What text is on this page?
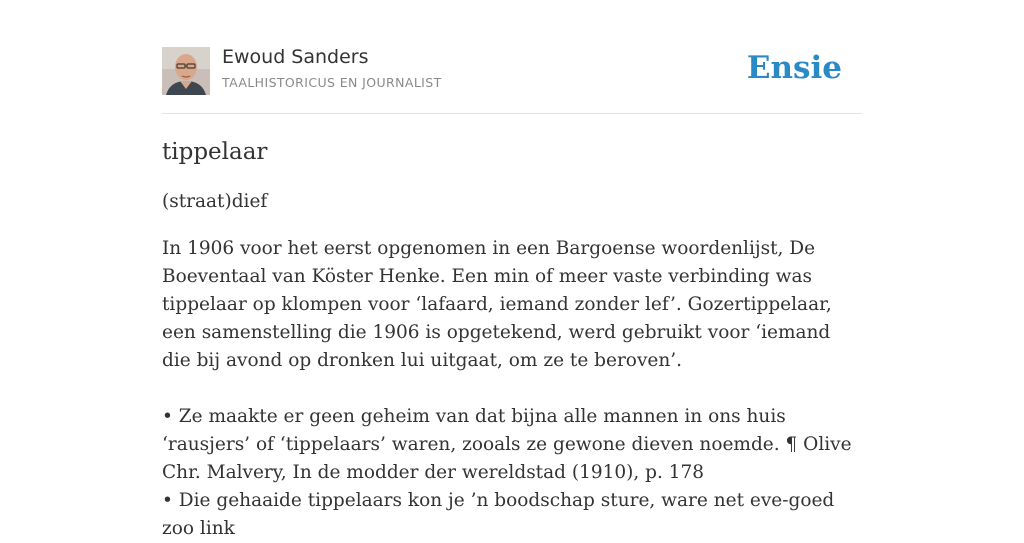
Ewoud Sanders
TAALHISTORICUS EN JOURNALIST	Ensie
tippelaar

(straat)dief

In 1906 voor het eerst opgenomen in een Bargoense woordenlijst, De Boeventaal van Köster Henke. Een min of meer vaste verbinding was tippelaar op klompen voor ‘lafaard, iemand zonder lef’. Gozertippelaar, een samenstelling die 1906 is opgetekend, werd gebruikt voor ‘iemand die bij avond op dronken lui uitgaat, om ze te beroven’.

• Ze maakte er geen geheim van dat bijna alle mannen in ons huis ‘rausjers’ of ‘tippelaars’ waren, zooals ze gewone dieven noemde. ¶ Olive Chr. Malvery, In de modder der wereldstad (1910), p. 178
• Die gehaaide tippelaars kon je ’n boodschap sture, ware net eve-goed zoo link
